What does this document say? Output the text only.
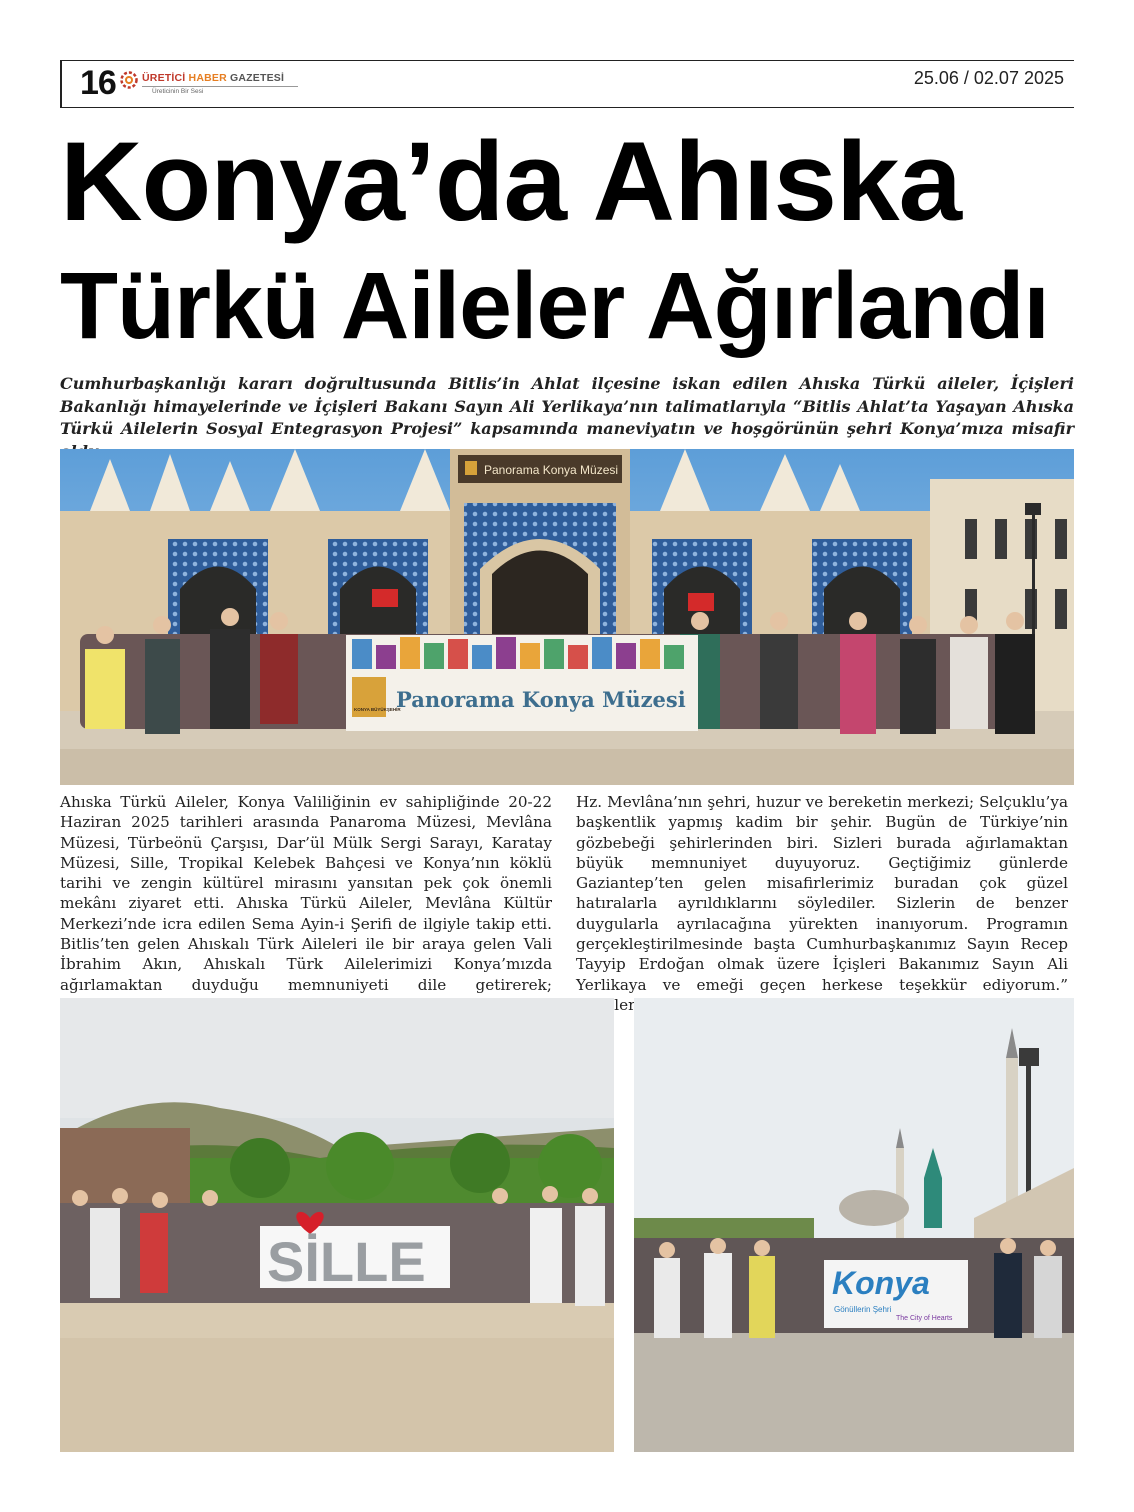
16 ÜRETİCİ HABER GAZETESİ
Üreticinin Bir Sesi
25.06 / 02.07 2025
Konya’da Ahıska
Türkü Aileler Ağırlandı
Cumhurbaşkanlığı kararı doğrultusunda Bitlis’in Ahlat ilçesine iskan edilen Ahıska Türkü aileler, İçişleri Bakanlığı himayelerinde ve İçişleri Bakanı Sayın Ali Yerlikaya’nın talimatlarıyla “Bitlis Ahlat’ta Yaşayan Ahıska Türkü Ailelerin Sosyal Entegrasyon Projesi” kapsamında maneviyatın ve hoşgörünün şehri Konya’mıza misafir
Panorama Konya Müzesi
KONYA BÜYÜKŞEHİR
Panorama Konya Müzesi
Ahıska Türkü Aileler, Konya Valiliğinin ev sahipliğinde 20-22 Haziran 2025 tarihleri arasında Panaroma Müzesi, Mevlâna Müzesi, Türbeönü Çarşısı, Dar’ül Mülk Sergi Sarayı, Karatay Müzesi, Sille, Tropikal Kelebek Bahçesi ve Konya’nın köklü tarihi ve zengin kültürel mirasını yansıtan pek çok önemli mekânı ziyaret etti. Ahıska Türkü Aileler, Mevlâna Kültür Merkezi’nde icra edilen Sema Ayin-i Şerifi de ilgiyle takip etti. Bitlis’ten gelen Ahıskalı Türk Aileleri ile bir araya gelen Vali İbrahim Akın, Ahıskalı Türk Ailelerimizi Konya’mızda ağırlamaktan duyduğu memnuniyeti dile getirerek;
Hz. Mevlâna’nın şehri, huzur ve bereketin merkezi; Selçuklu’ya başkentlik yapmış kadim bir şehir. Bugün de Türkiye’nin gözbebeği şehirlerinden biri. Sizleri burada ağırlamaktan büyük memnuniyet duyuyoruz. Geçtiğimiz günlerde Gaziantep’ten gelen misafirlerimiz buradan çok güzel hatıralarla ayrıldıklarını söylediler. Sizlerin de benzer duygularla ayrılacağına yürekten inanıyorum. Programın gerçekleştirilmesinde başta Cumhurbaşkanımız Sayın Recep Tayyip Erdoğan olmak üzere İçişleri Bakanımız Sayın Ali Yerlikaya ve emeği geçen herkese teşekkür ediyorum.” ifadelerini
SİLLE	Konya
Gönüllerin Şehri
The City of Hearts
